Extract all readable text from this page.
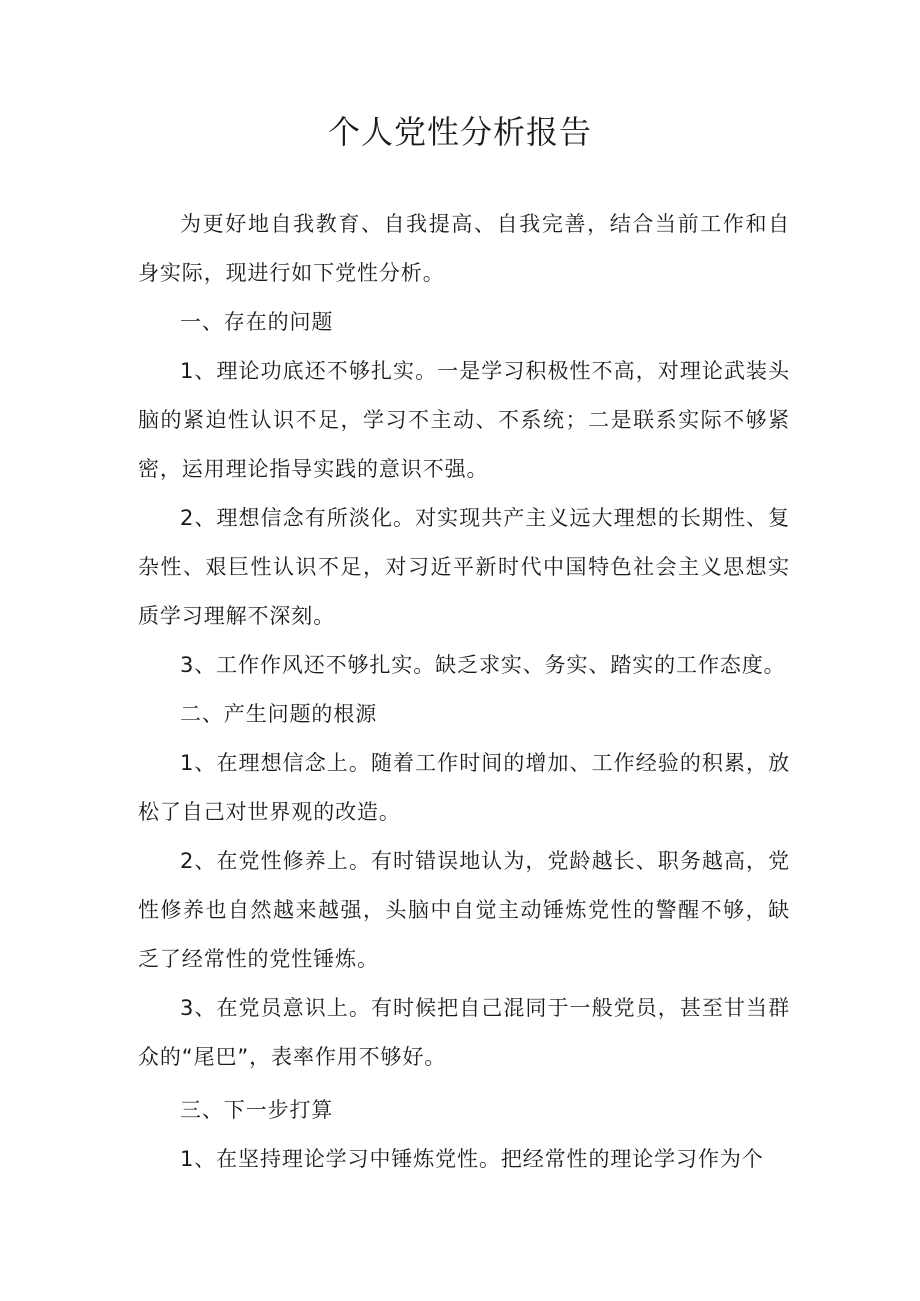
个人党性分析报告

为更好地自我教育、自我提高、自我完善，结合当前工作和自身实际，现进行如下党性分析。

一、存在的问题

1、理论功底还不够扎实。一是学习积极性不高，对理论武装头脑的紧迫性认识不足，学习不主动、不系统；二是联系实际不够紧密，运用理论指导实践的意识不强。

2、理想信念有所淡化。对实现共产主义远大理想的长期性、复杂性、艰巨性认识不足，对习近平新时代中国特色社会主义思想实质学习理解不深刻。

3、工作作风还不够扎实。缺乏求实、务实、踏实的工作态度。

二、产生问题的根源

1、在理想信念上。随着工作时间的增加、工作经验的积累，放松了自己对世界观的改造。

2、在党性修养上。有时错误地认为，党龄越长、职务越高，党性修养也自然越来越强，头脑中自觉主动锤炼党性的警醒不够，缺乏了经常性的党性锤炼。

3、在党员意识上。有时候把自己混同于一般党员，甚至甘当群众的“尾巴”，表率作用不够好。

三、下一步打算

1、在坚持理论学习中锤炼党性。把经常性的理论学习作为个
